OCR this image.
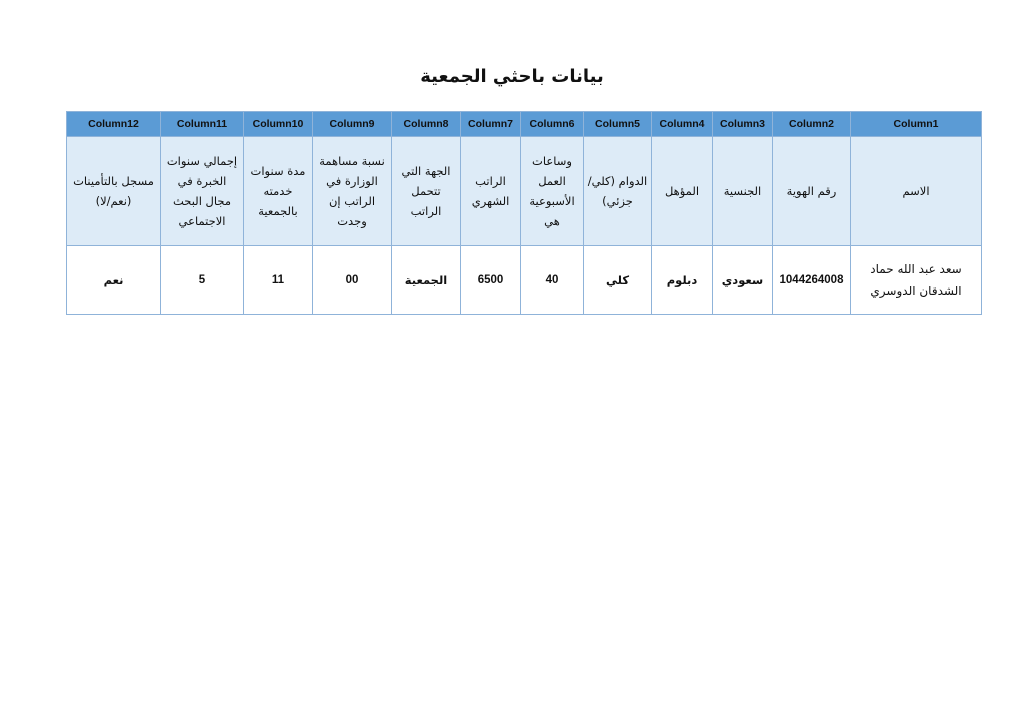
بيانات باحثي الجمعية
Column1	Column2	Column3	Column4	Column5	Column6	Column7	Column8	Column9	Column10	Column11	Column12
الاسم	رقم الهوية	الجنسية	المؤهل	الدوام (كلي/جزئي)	وساعات العمل الأسبوعية هي	الراتب الشهري	الجهة التي تتحمل الراتب	نسبة مساهمة الوزارة في الراتب إن وجدت	مدة سنوات خدمته بالجمعية	إجمالي سنوات الخبرة في مجال البحث الاجتماعي	مسجل بالتأمينات (نعم/لا)
سعد عبد الله حماد الشدقان الدوسري	1044264008	سعودي	دبلوم	كلي	40	6500	الجمعية	00	11	5	نعم
